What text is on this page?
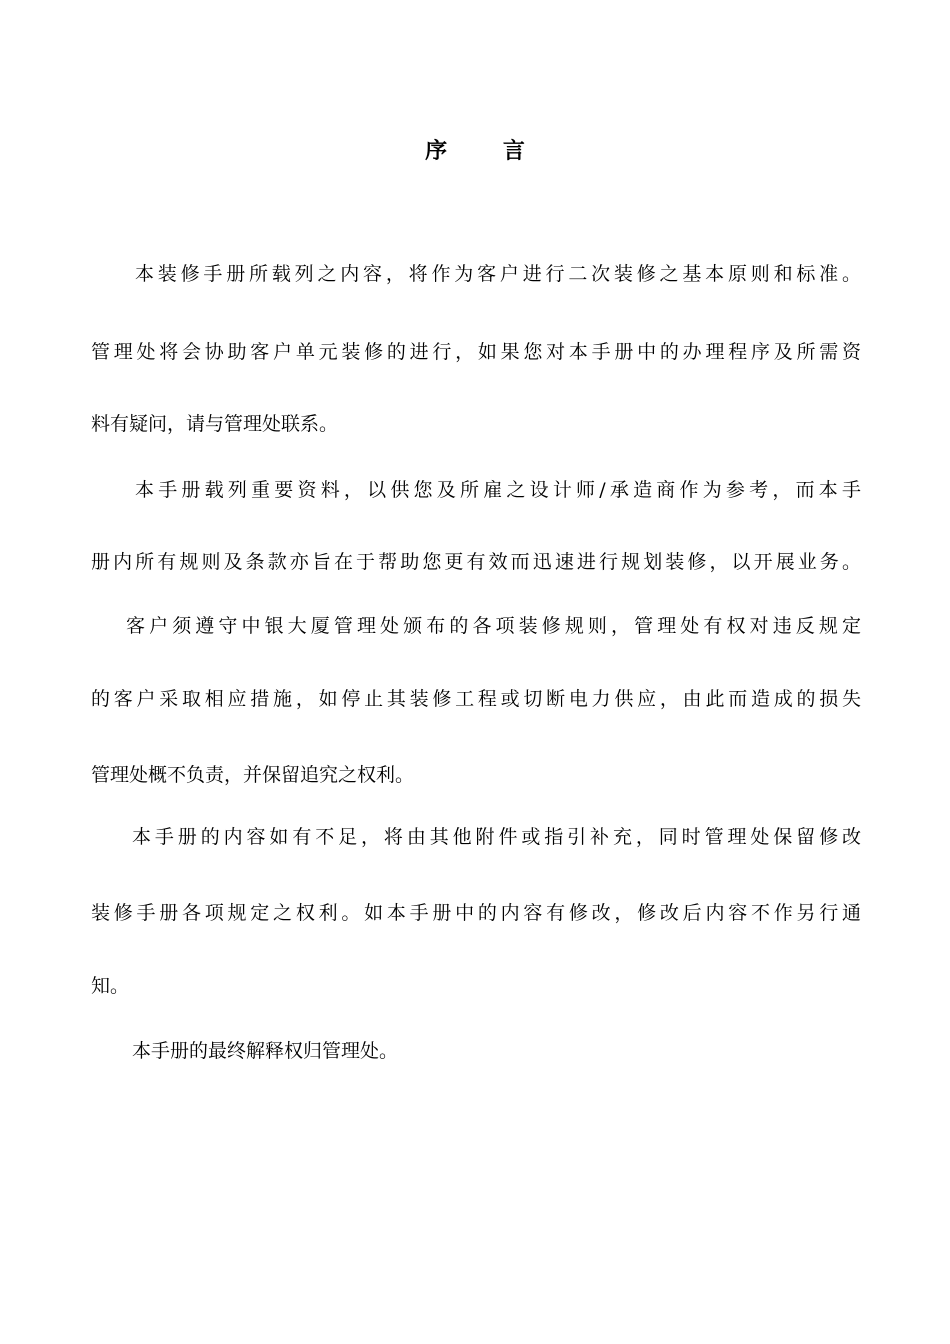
序 言

本装修手册所载列之内容，将作为客户进行二次装修之基本原则和标准。

管理处将会协助客户单元装修的进行，如果您对本手册中的办理程序及所需资

料有疑问，请与管理处联系。

本手册载列重要资料，以供您及所雇之设计师/承造商作为参考，而本手

册内所有规则及条款亦旨在于帮助您更有效而迅速进行规划装修，以开展业务。

客户须遵守中银大厦管理处颁布的各项装修规则，管理处有权对违反规定

的客户采取相应措施，如停止其装修工程或切断电力供应，由此而造成的损失

管理处概不负责，并保留追究之权利。

本手册的内容如有不足，将由其他附件或指引补充，同时管理处保留修改

装修手册各项规定之权利。如本手册中的内容有修改，修改后内容不作另行通

知。

本手册的最终解释权归管理处。
